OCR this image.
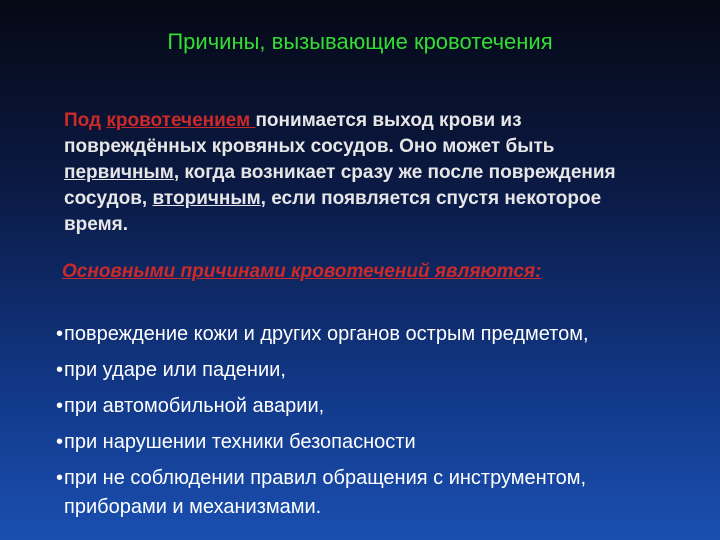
Причины, вызывающие кровотечения

Под кровотечением понимается выход крови из повреждённых кровяных сосудов. Оно может быть первичным, когда возникает сразу же после повреждения сосудов, вторичным, если появляется спустя некоторое время.

Основными причинами кровотечений являются:

• повреждение кожи и других органов острым предметом,
• при ударе или падении,
• при автомобильной аварии,
• при нарушении техники безопасности
• при не соблюдении правил обращения с инструментом, приборами и механизмами.
